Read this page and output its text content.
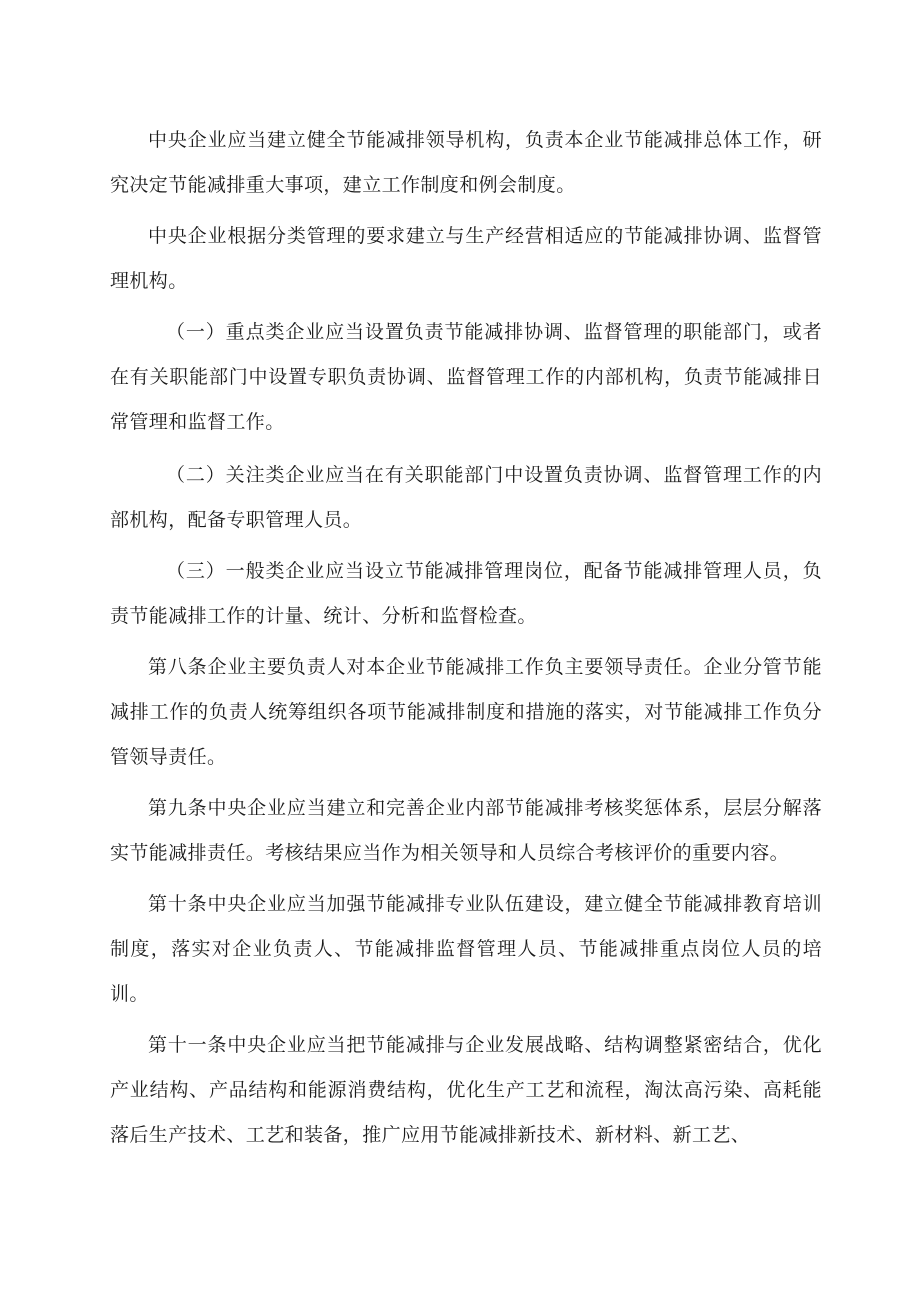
中央企业应当建立健全节能减排领导机构，负责本企业节能减排总体工作，研究决定节能减排重大事项，建立工作制度和例会制度。

中央企业根据分类管理的要求建立与生产经营相适应的节能减排协调、监督管理机构。

（一）重点类企业应当设置负责节能减排协调、监督管理的职能部门，或者在有关职能部门中设置专职负责协调、监督管理工作的内部机构，负责节能减排日常管理和监督工作。

（二）关注类企业应当在有关职能部门中设置负责协调、监督管理工作的内部机构，配备专职管理人员。

（三）一般类企业应当设立节能减排管理岗位，配备节能减排管理人员，负责节能减排工作的计量、统计、分析和监督检查。

第八条企业主要负责人对本企业节能减排工作负主要领导责任。企业分管节能减排工作的负责人统筹组织各项节能减排制度和措施的落实，对节能减排工作负分管领导责任。

第九条中央企业应当建立和完善企业内部节能减排考核奖惩体系，层层分解落实节能减排责任。考核结果应当作为相关领导和人员综合考核评价的重要内容。

第十条中央企业应当加强节能减排专业队伍建设，建立健全节能减排教育培训制度，落实对企业负责人、节能减排监督管理人员、节能减排重点岗位人员的培训。

第十一条中央企业应当把节能减排与企业发展战略、结构调整紧密结合，优化产业结构、产品结构和能源消费结构，优化生产工艺和流程，淘汰高污染、高耗能落后生产技术、工艺和装备，推广应用节能减排新技术、新材料、新工艺、
